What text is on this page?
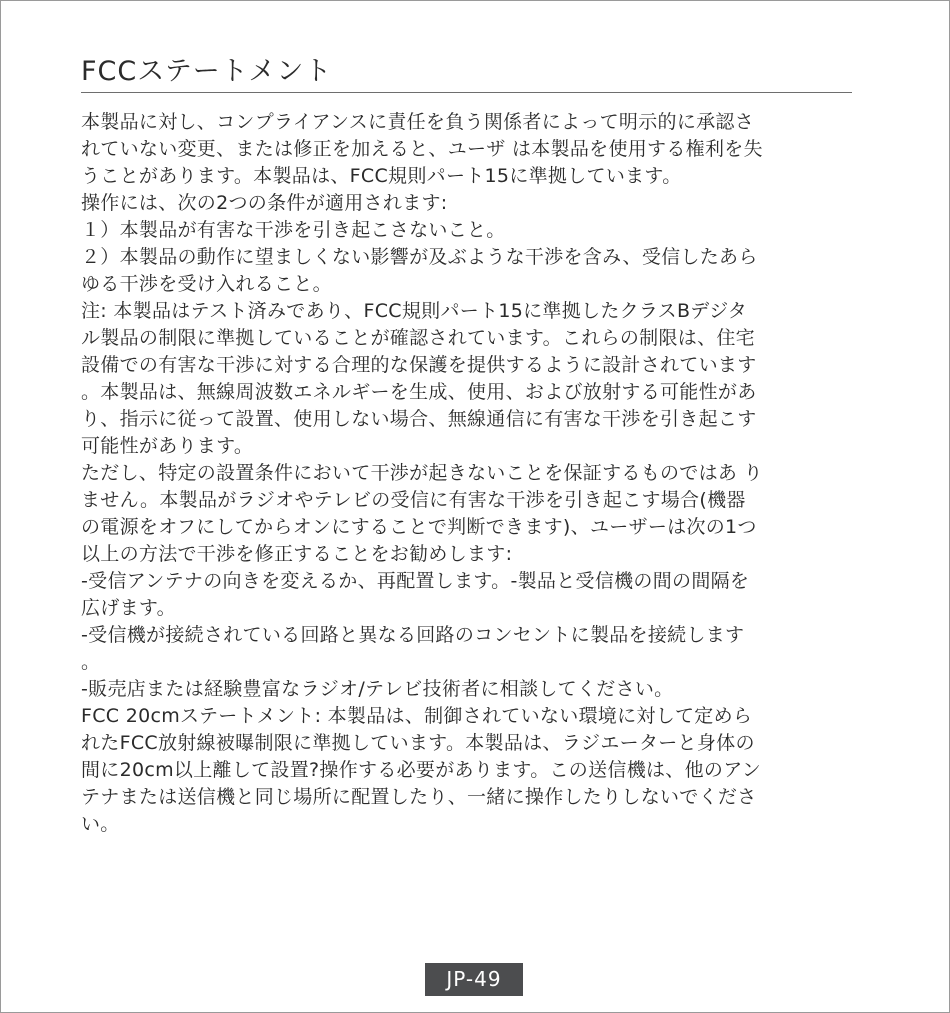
FCCステートメント
本製品に対し、コンプライアンスに責任を負う関係者によって明示的に承認さ
れていない変更、または修正を加えると、ユーザ は本製品を使用する権利を失
うことがあります。本製品は、FCC規則パート15に準拠しています。
操作には、次の2つの条件が適用されます:
１）本製品が有害な干渉を引き起こさないこと。
２）本製品の動作に望ましくない影響が及ぶような干渉を含み、受信したあら
ゆる干渉を受け入れること。
注: 本製品はテスト済みであり、FCC規則パート15に準拠したクラスBデジタ
ル製品の制限に準拠していることが確認されています。これらの制限は、住宅
設備での有害な干渉に対する合理的な保護を提供するように設計されています
。本製品は、無線周波数エネルギーを生成、使用、および放射する可能性があ
り、指示に従って設置、使用しない場合、無線通信に有害な干渉を引き起こす
可能性があります。
ただし、特定の設置条件において干渉が起きないことを保証するものではあ り
ません。本製品がラジオやテレビの受信に有害な干渉を引き起こす場合(機器
の電源をオフにしてからオンにすることで判断できます)、ユーザーは次の1つ
以上の方法で干渉を修正することをお勧めします:
-受信アンテナの向きを変えるか、再配置します。-製品と受信機の間の間隔を
広げます。
-受信機が接続されている回路と異なる回路のコンセントに製品を接続します
。
-販売店または経験豊富なラジオ/テレビ技術者に相談してください。
FCC 20cmステートメント: 本製品は、制御されていない環境に対して定めら
れたFCC放射線被曝制限に準拠しています。本製品は、ラジエーターと身体の
間に20cm以上離して設置?操作する必要があります。この送信機は、他のアン
テナまたは送信機と同じ場所に配置したり、一緒に操作したりしないでくださ
い。
JP-49
